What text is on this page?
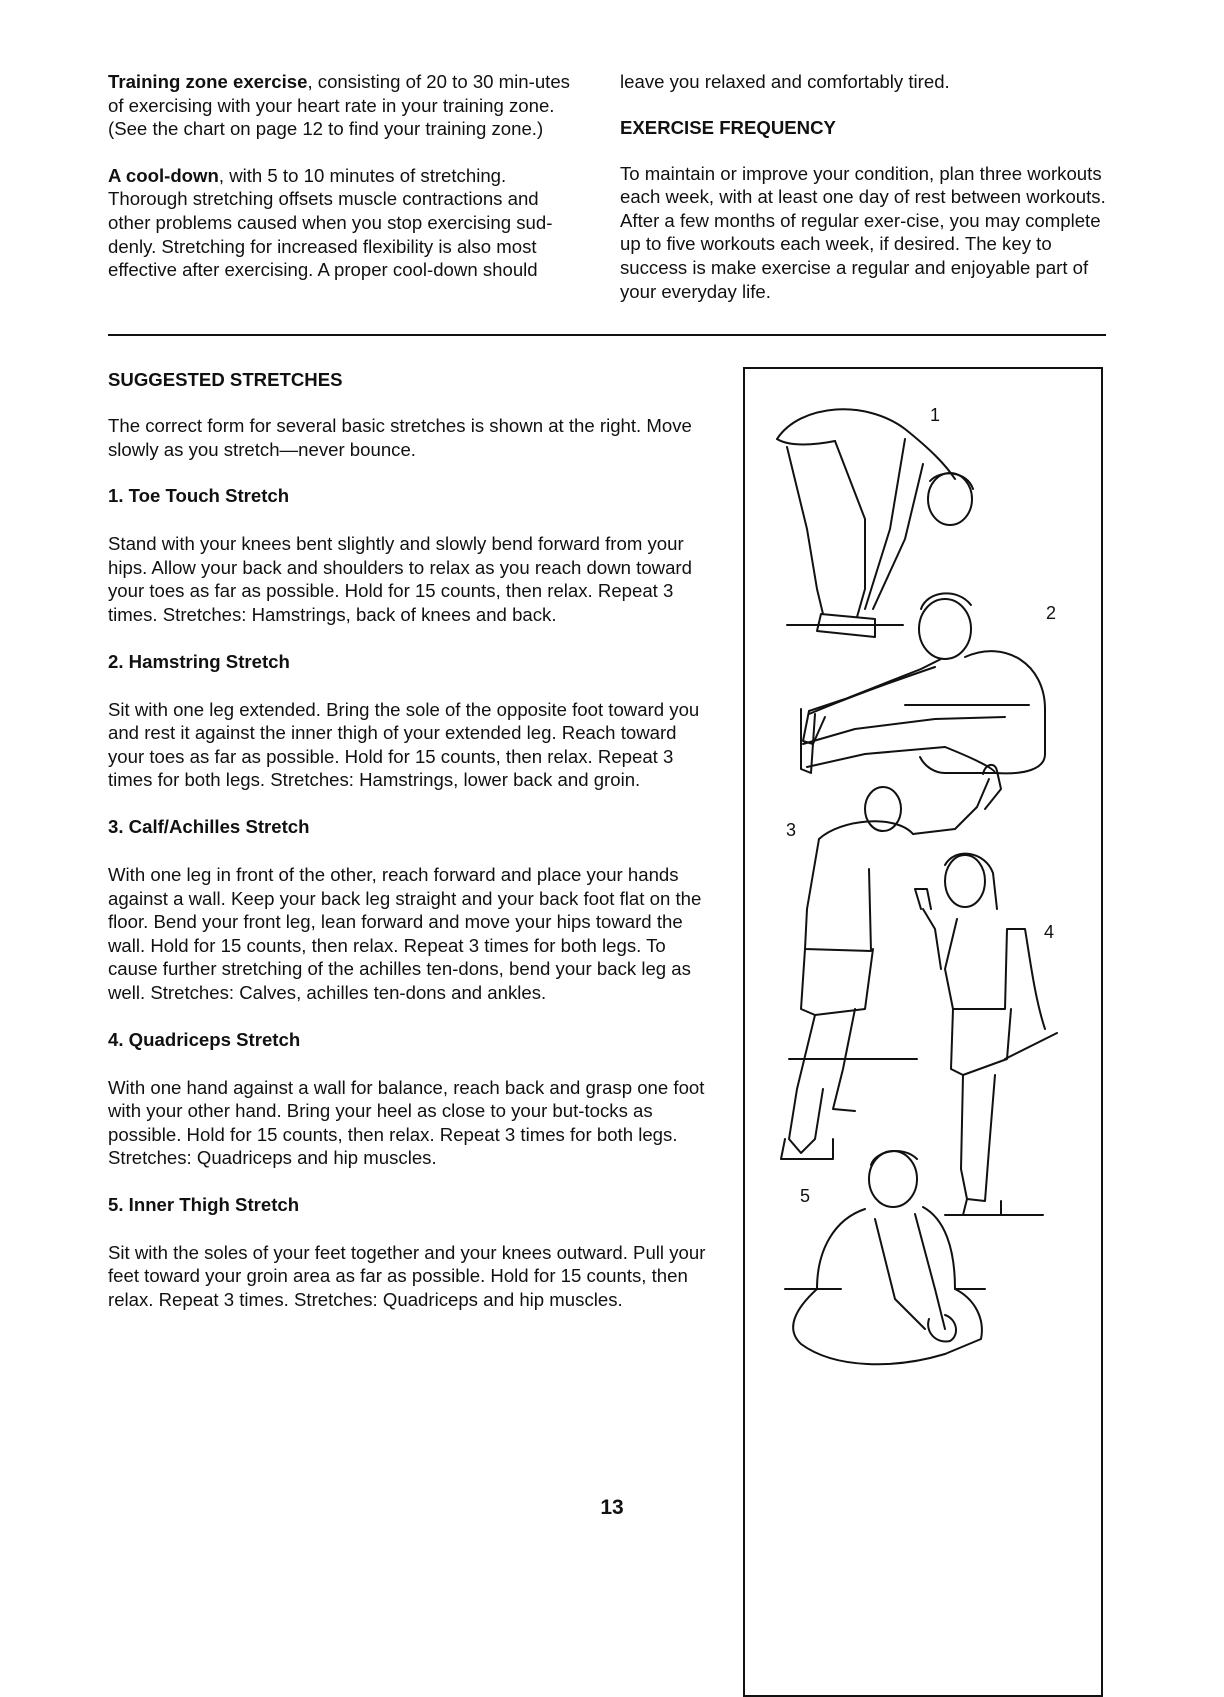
Training zone exercise, consisting of 20 to 30 min-utes of exercising with your heart rate in your training zone. (See the chart on page 12 to find your training zone.)

A cool-down, with 5 to 10 minutes of stretching. Thorough stretching offsets muscle contractions and other problems caused when you stop exercising sud-denly. Stretching for increased flexibility is also most effective after exercising. A proper cool-down should

leave you relaxed and comfortably tired.

EXERCISE FREQUENCY

To maintain or improve your condition, plan three workouts each week, with at least one day of rest between workouts. After a few months of regular exer-cise, you may complete up to five workouts each week, if desired. The key to success is make exercise a regular and enjoyable part of your everyday life.

SUGGESTED STRETCHES

The correct form for several basic stretches is shown at the right. Move slowly as you stretch—never bounce.

1. Toe Touch Stretch

Stand with your knees bent slightly and slowly bend forward from your hips. Allow your back and shoulders to relax as you reach down toward your toes as far as possible. Hold for 15 counts, then relax. Repeat 3 times. Stretches: Hamstrings, back of knees and back.

2. Hamstring Stretch

Sit with one leg extended. Bring the sole of the opposite foot toward you and rest it against the inner thigh of your extended leg. Reach toward your toes as far as possible. Hold for 15 counts, then relax. Repeat 3 times for both legs. Stretches: Hamstrings, lower back and groin.

3. Calf/Achilles Stretch

With one leg in front of the other, reach forward and place your hands against a wall. Keep your back leg straight and your back foot flat on the floor. Bend your front leg, lean forward and move your hips toward the wall. Hold for 15 counts, then relax. Repeat 3 times for both legs. To cause further stretching of the achilles ten-dons, bend your back leg as well. Stretches: Calves, achilles ten-dons and ankles.

4. Quadriceps Stretch

With one hand against a wall for balance, reach back and grasp one foot with your other hand. Bring your heel as close to your but-tocks as possible. Hold for 15 counts, then relax. Repeat 3 times for both legs. Stretches: Quadriceps and hip muscles.

5. Inner Thigh Stretch

Sit with the soles of your feet together and your knees outward. Pull your feet toward your groin area as far as possible. Hold for 15 counts, then relax. Repeat 3 times. Stretches: Quadriceps and hip muscles.

1
2
3
4
5
13
